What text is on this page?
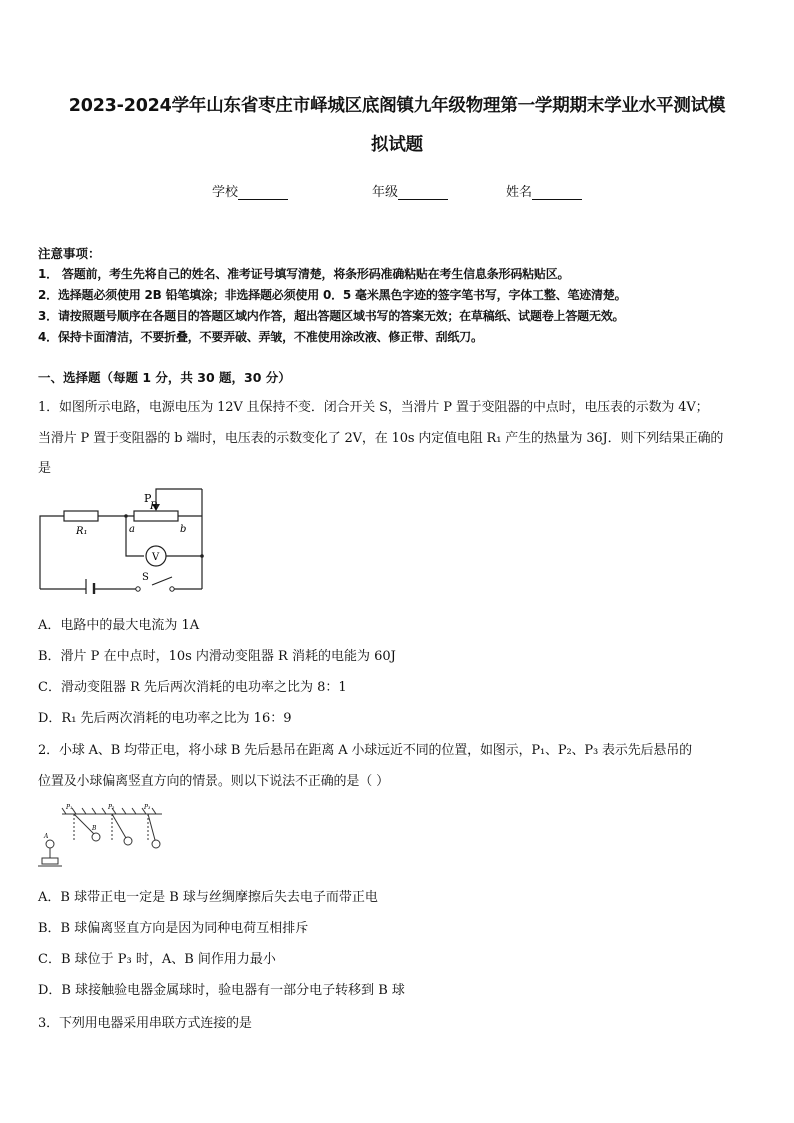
2023-2024学年山东省枣庄市峄城区底阁镇九年级物理第一学期期末学业水平测试模
拟试题
学校	年级	姓名
注意事项：
1． 答题前，考生先将自己的姓名、准考证号填写清楚，将条形码准确粘贴在考生信息条形码粘贴区。
2．选择题必须使用 2B 铅笔填涂；非选择题必须使用 0．5 毫米黑色字迹的签字笔书写，字体工整、笔迹清楚。
3．请按照题号顺序在各题目的答题区域内作答，超出答题区域书写的答案无效；在草稿纸、试题卷上答题无效。
4．保持卡面清洁，不要折叠，不要弄破、弄皱，不准使用涂改液、修正带、刮纸刀。
一、选择题（每题 1 分，共 30 题，30 分）
1．如图所示电路，电源电压为 12V 且保持不变．闭合开关 S，当滑片 P 置于变阻器的中点时，电压表的示数为 4V；
当滑片 P 置于变阻器的 b 端时，电压表的示数变化了 2V，在 10s 内定值电阻 R₁ 产生的热量为 36J．则下列结果正确的
是
P
R₁
R
a	b
V
S
A．电路中的最大电流为 1A
B．滑片 P 在中点时，10s 内滑动变阻器 R 消耗的电能为 60J
C．滑动变阻器 R 先后两次消耗的电功率之比为 8：1
D．R₁ 先后两次消耗的电功率之比为 16：9
2．小球 A、B 均带正电，将小球 B 先后悬吊在距离 A 小球远近不同的位置，如图示，P₁、P₂、P₃ 表示先后悬吊的
位置及小球偏离竖直方向的情景。则以下说法不正确的是（ ）
P₁	P₂	P₃
A
B
A．B 球带正电一定是 B 球与丝绸摩擦后失去电子而带正电
B．B 球偏离竖直方向是因为同种电荷互相排斥
C．B 球位于 P₃ 时，A、B 间作用力最小
D．B 球接触验电器金属球时，验电器有一部分电子转移到 B 球
3．下列用电器采用串联方式连接的是
